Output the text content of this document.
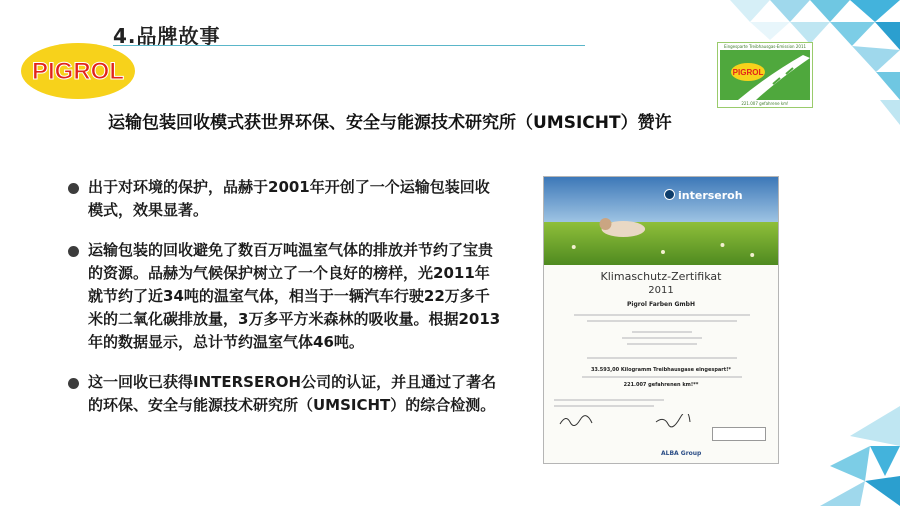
4.品牌故事
PIGROL
Eingesparte Treibhausgas-Emission 2011
PIGROL
221.007 gefahrene km!
运输包装回收模式获世界环保、安全与能源技术研究所（UMSICHT）赞许
出于对环境的保护，品赫于2001年开创了一个运输包装回收模式，效果显著。
运输包装的回收避免了数百万吨温室气体的排放并节约了宝贵的资源。品赫为气候保护树立了一个良好的榜样，光2011年就节约了近34吨的温室气体，相当于一辆汽车行驶22万多千米的二氧化碳排放量，3万多平方米森林的吸收量。根据2013年的数据显示，总计节约温室气体46吨。
这一回收已获得INTERSEROH公司的认证，并且通过了著名的环保、安全与能源技术研究所（UMSICHT）的综合检测。
interseroh
Klimaschutz-Zertifikat
2011
Pigrol Farben GmbH
33.593,00 Kilogramm Treibhausgase eingespart!*
221.007 gefahrenen km!**
ALBA Group
